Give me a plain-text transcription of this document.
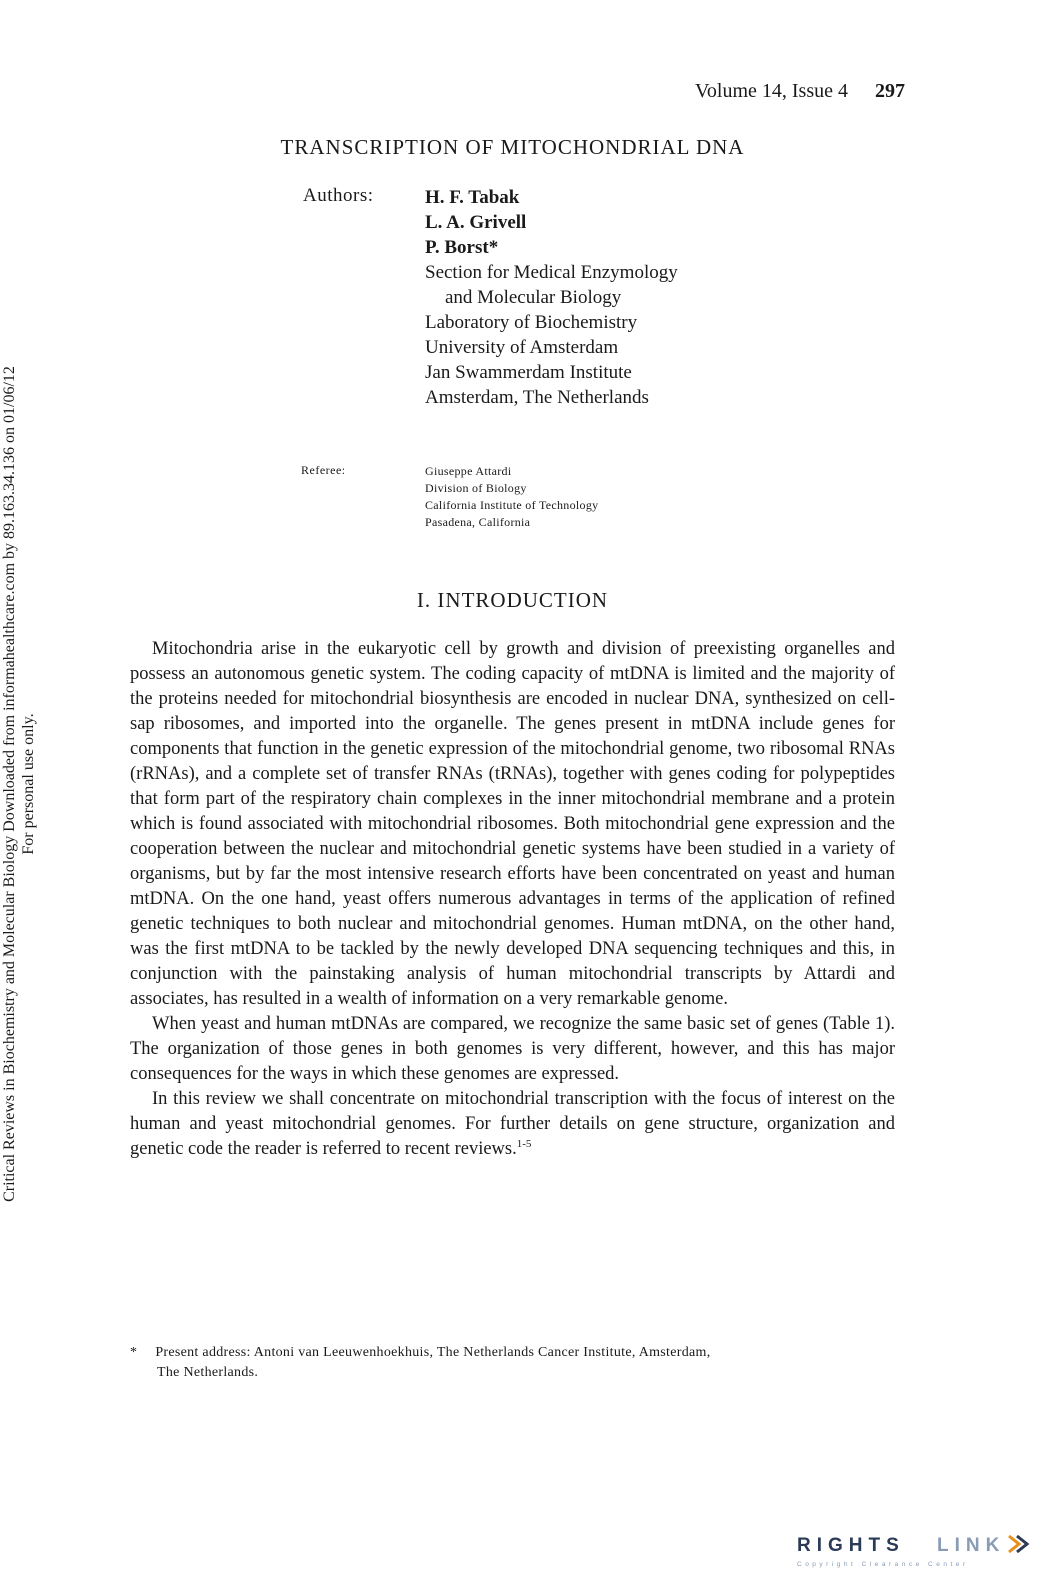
Volume 14, Issue 4 297
TRANSCRIPTION OF MITOCHONDRIAL DNA
Authors:	H. F. Tabak
L. A. Grivell
P. Borst*
Section for Medical Enzymology
and Molecular Biology
Laboratory of Biochemistry
University of Amsterdam
Jan Swammerdam Institute
Amsterdam, The Netherlands
Referee:	Giuseppe Attardi
Division of Biology
California Institute of Technology
Pasadena, California
I. INTRODUCTION

Mitochondria arise in the eukaryotic cell by growth and division of preexisting organelles and possess an autonomous genetic system. The coding capacity of mtDNA is limited and the majority of the proteins needed for mitochondrial biosynthesis are encoded in nuclear DNA, synthesized on cell-sap ribosomes, and imported into the organelle. The genes present in mtDNA include genes for components that function in the genetic expression of the mitochondrial genome, two ribosomal RNAs (rRNAs), and a complete set of transfer RNAs (tRNAs), together with genes coding for polypeptides that form part of the respiratory chain complexes in the inner mitochondrial membrane and a protein which is found associated with mitochondrial ribosomes. Both mitochondrial gene expression and the cooperation between the nuclear and mitochondrial genetic systems have been studied in a variety of organisms, but by far the most intensive research efforts have been concentrated on yeast and human mtDNA. On the one hand, yeast offers numerous advantages in terms of the application of refined genetic techniques to both nuclear and mitochondrial genomes. Human mtDNA, on the other hand, was the first mtDNA to be tackled by the newly developed DNA sequencing techniques and this, in conjunction with the painstaking analysis of human mitochondrial transcripts by Attardi and associates, has resulted in a wealth of information on a very remarkable genome.

When yeast and human mtDNAs are compared, we recognize the same basic set of genes (Table 1). The organization of those genes in both genomes is very different, however, and this has major consequences for the ways in which these genomes are expressed.

In this review we shall concentrate on mitochondrial transcription with the focus of interest on the human and yeast mitochondrial genomes. For further details on gene structure, organization and genetic code the reader is referred to recent reviews.$^{1-5}$

* Present address: Antoni van Leeuwenhoekhuis, The Netherlands Cancer Institute, Amsterdam,
The Netherlands.
Critical Reviews in Biochemistry and Molecular Biology Downloaded from informahealthcare.com by 89.163.34.136 on 01/06/12 For personal use only.
RIGHTS LINK
Copyright Clearance Center
